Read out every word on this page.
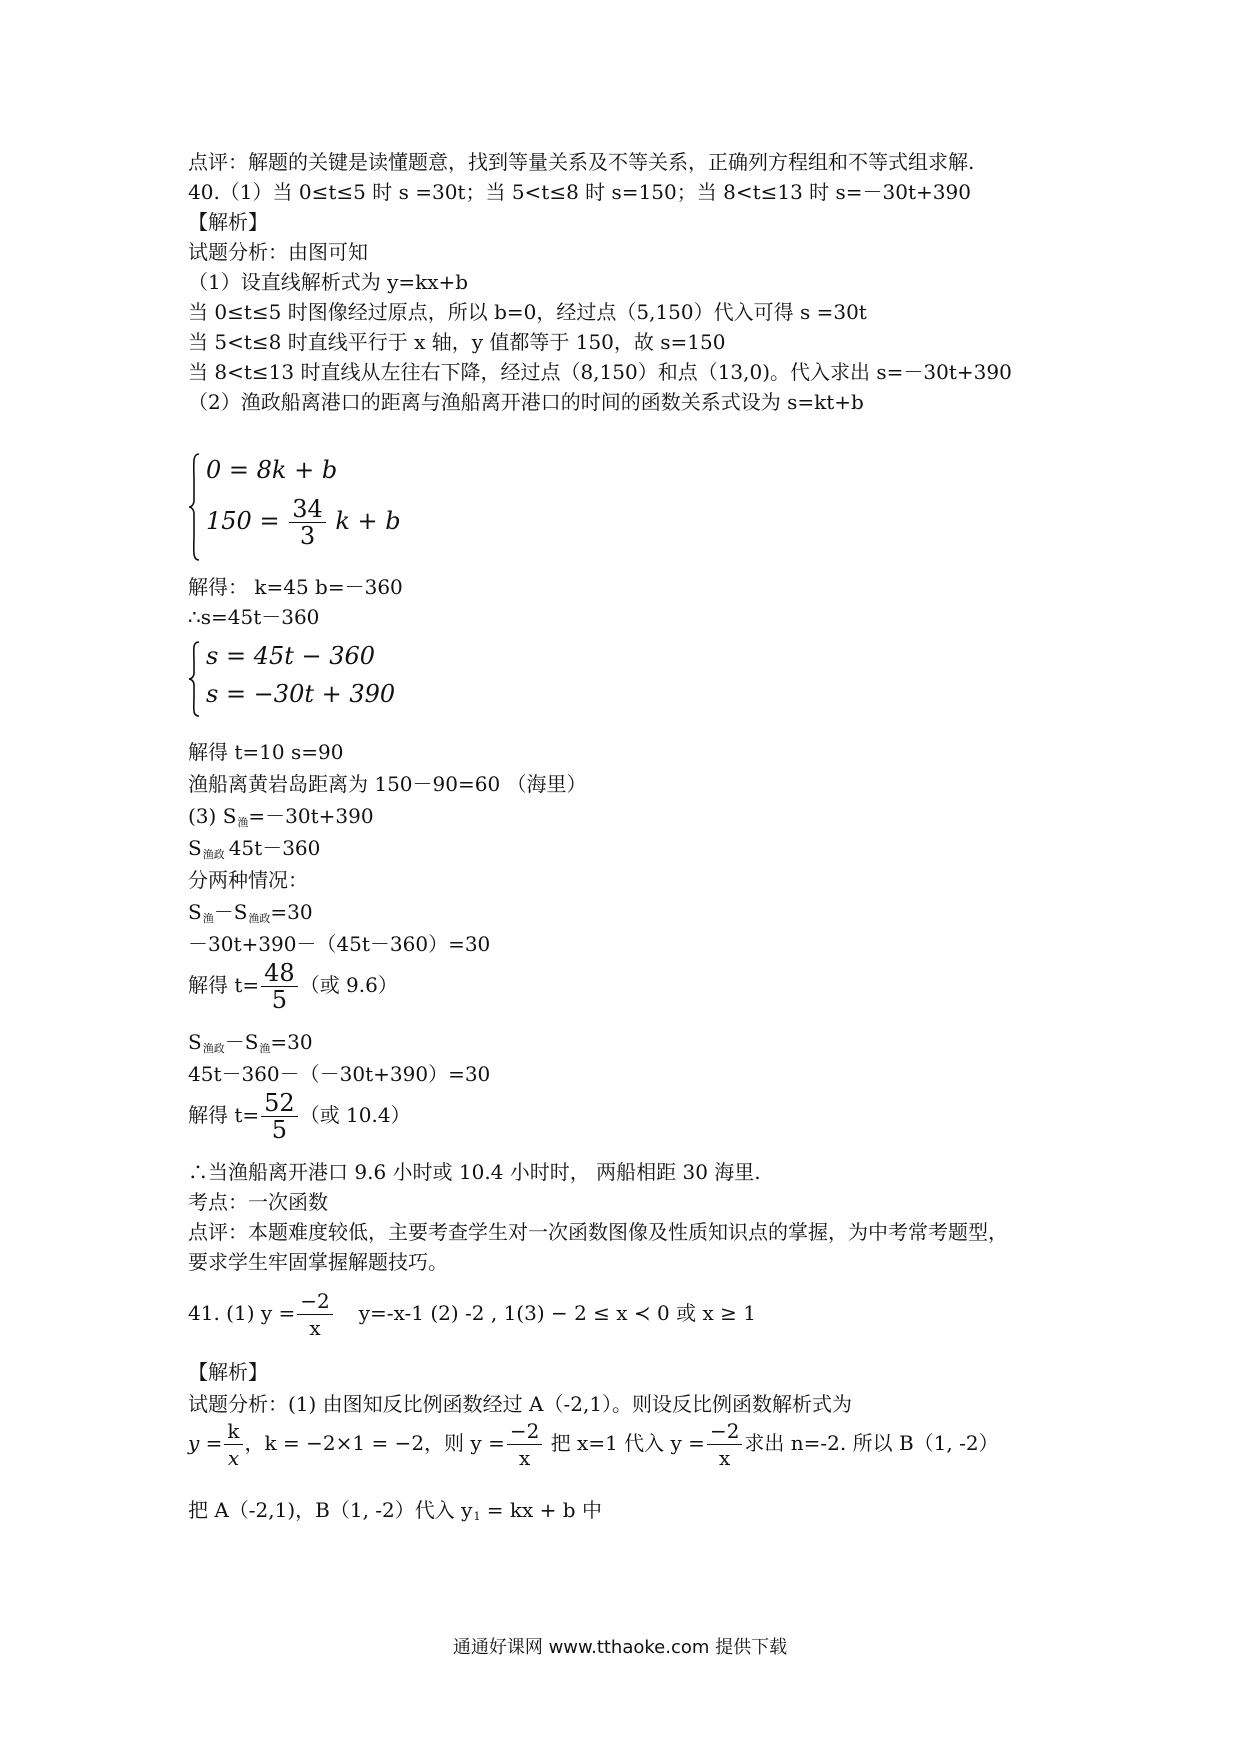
点评：解题的关键是读懂题意，找到等量关系及不等关系，正确列方程组和不等式组求解.
40.（1）当 0≤t≤5 时 s =30t；当 5<t≤8 时 s=150；当 8<t≤13 时 s=－30t+390
【解析】
试题分析：由图可知
（1）设直线解析式为 y=kx+b
当 0≤t≤5 时图像经过原点，所以 b=0，经过点（5,150）代入可得 s =30t
当 5<t≤8 时直线平行于 x 轴，y 值都等于 150，故 s=150
当 8<t≤13 时直线从左往右下降，经过点（8,150）和点（13,0)。代入求出 s=－30t+390
（2）渔政船离港口的距离与渔船离开港口的时间的函数关系式设为 s=kt+b
0 = 8k + b
$150 = \frac{34}{3}$ k + b
解得： k=45 b=－360
∴s=45t－360
s = 45t − 360
s = −30t + 390
解得 t=10 s=90
渔船离黄岩岛距离为 150－90=60 （海里）
(3) S渔=－30t+390
S渔政 45t－360
分两种情况：
S渔－S渔政=30
－30t+390－（45t－360）=30
解得 $t= \frac{48}{5}$ （或 9.6）
S渔政－S渔=30
45t－360－（－30t+390）=30
解得 $t= \frac{52}{5}$ （或 10.4）
∴当渔船离开港口 9.6 小时或 10.4 小时时， 两船相距 30 海里.
考点：一次函数
点评：本题难度较低，主要考查学生对一次函数图像及性质知识点的掌握，为中考常考题型，
要求学生牢固掌握解题技巧。
41. (1) $y = \frac{-2}{x} y=-x-1$ (2) -2 , 1(3) − 2 ≤ x ≺ 0 或 x ≥ 1
【解析】
试题分析：(1) 由图知反比例函数经过 A（-2,1）。则设反比例函数解析式为
$y = \frac{k}{x}$ ，k = −2×1 = −2，则 $y = \frac{-2}{x}$ 把 x=1 代入 $y = \frac{-2}{x}$ 求出 n=-2. 所以 B（1, -2）
把 A（-2,1)，B（1, -2）代入 y1 = kx + b 中
通通好课网 www.tthaoke.com 提供下载
